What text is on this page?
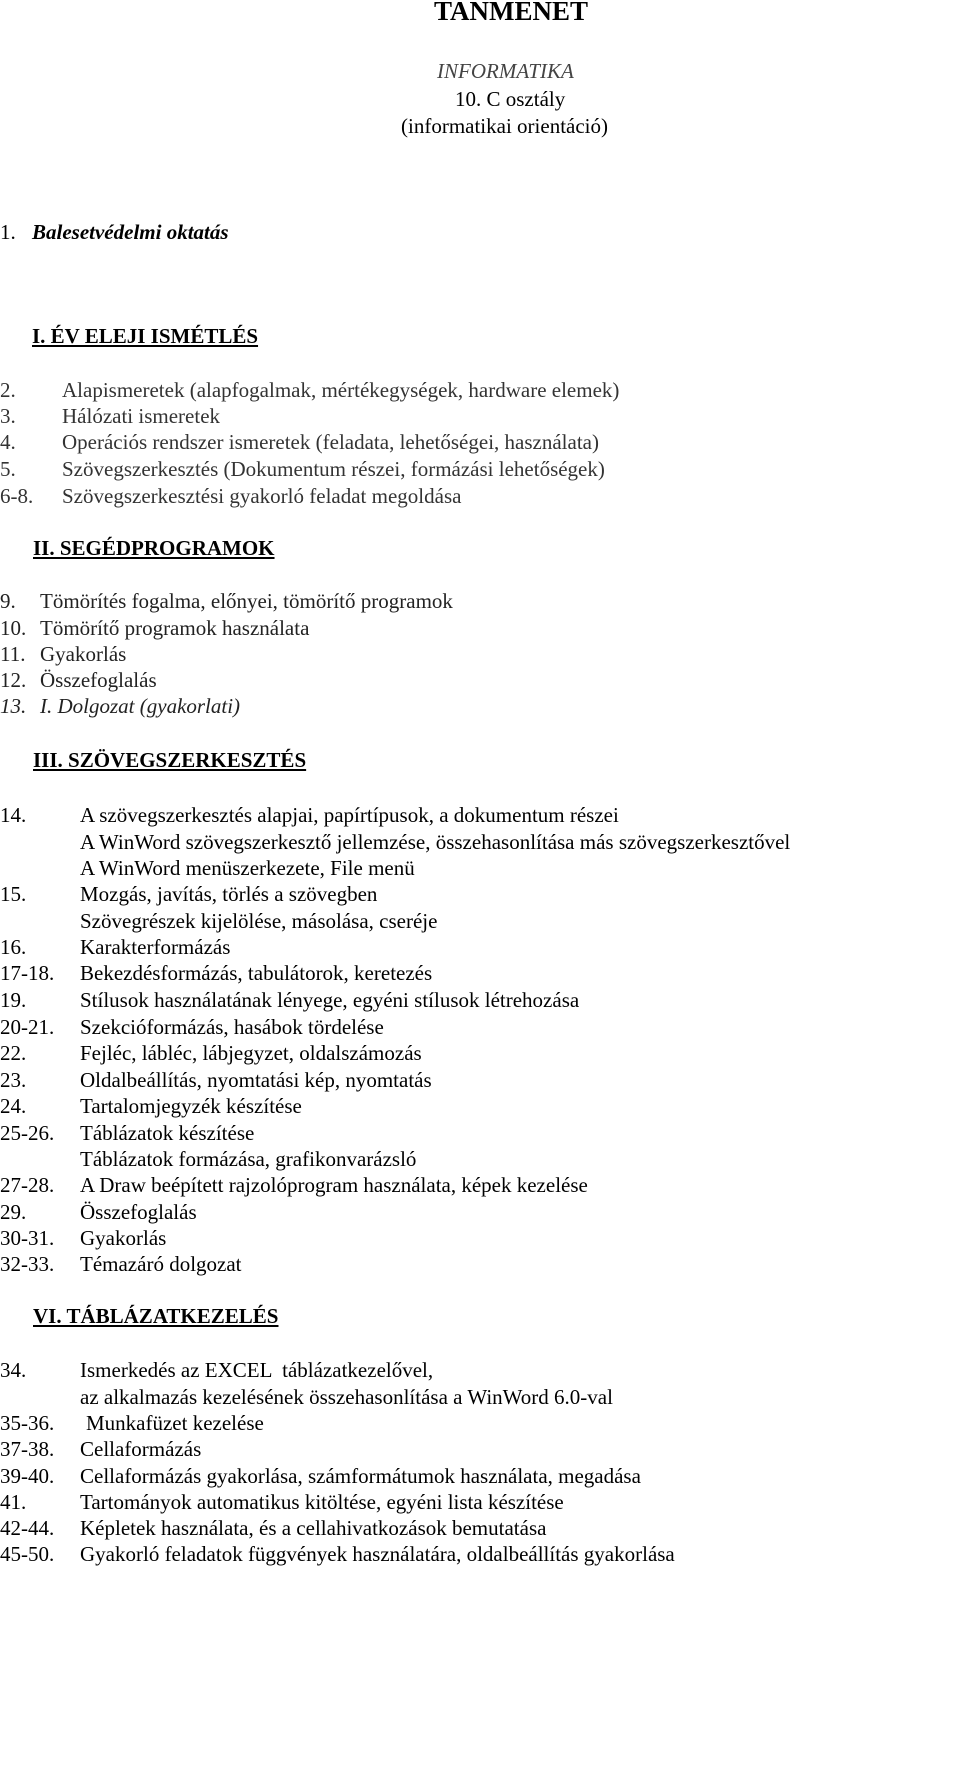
TANMENET
INFORMATIKA
10. C osztály
(informatikai orientáció)
1. Balesetvédelmi oktatás
I. ÉV ELEJI ISMÉTLÉS
2. Alapismeretek (alapfogalmak, mértékegységek, hardware elemek)
3. Hálózati ismeretek
4. Operációs rendszer ismeretek (feladata, lehetőségei, használata)
5. Szövegszerkesztés (Dokumentum részei, formázási lehetőségek)
6-8. Szövegszerkesztési gyakorló feladat megoldása
II. SEGÉDPROGRAMOK
9. Tömörítés fogalma, előnyei, tömörítő programok
10. Tömörítő programok használata
11. Gyakorlás
12. Összefoglalás
13. I. Dolgozat (gyakorlati)
III. SZÖVEGSZERKESZTÉS
14.	A szövegszerkesztés alapjai, papírtípusok, a dokumentum részei
A WinWord szövegszerkesztő jellemzése, összehasonlítása más szövegszerkesztővel
A WinWord menüszerkezete, File menü
15.	Mozgás, javítás, törlés a szövegben
Szövegrészek kijelölése, másolása, cseréje
16.	Karakterformázás
17-18. Bekezdésformázás, tabulátorok, keretezés
19.	Stílusok használatának lényege, egyéni stílusok létrehozása
20-21. Szekcióformázás, hasábok tördelése
22.	Fejléc, lábléc, lábjegyzet, oldalszámozás
23.	Oldalbeállítás, nyomtatási kép, nyomtatás
24.	Tartalomjegyzék készítése
25-26. Táblázatok készítése
Táblázatok formázása, grafikonvarázsló
27-28. A Draw beépített rajzolóprogram használata, képek kezelése
29.	Összefoglalás
30-31. Gyakorlás
32-33. Témazáró dolgozat
VI. TÁBLÁZATKEZELÉS
34.	Ismerkedés az EXCEL  táblázatkezelővel,
az alkalmazás kezelésének összehasonlítása a WinWord 6.0-val
35-36. Munkafüzet kezelése
37-38. Cellaformázás
39-40. Cellaformázás gyakorlása, számformátumok használata, megadása
41.	Tartományok automatikus kitöltése, egyéni lista készítése
42-44. Képletek használata, és a cellahivatkozások bemutatása
45-50. Gyakorló feladatok függvények használatára, oldalbeállítás gyakorlása
